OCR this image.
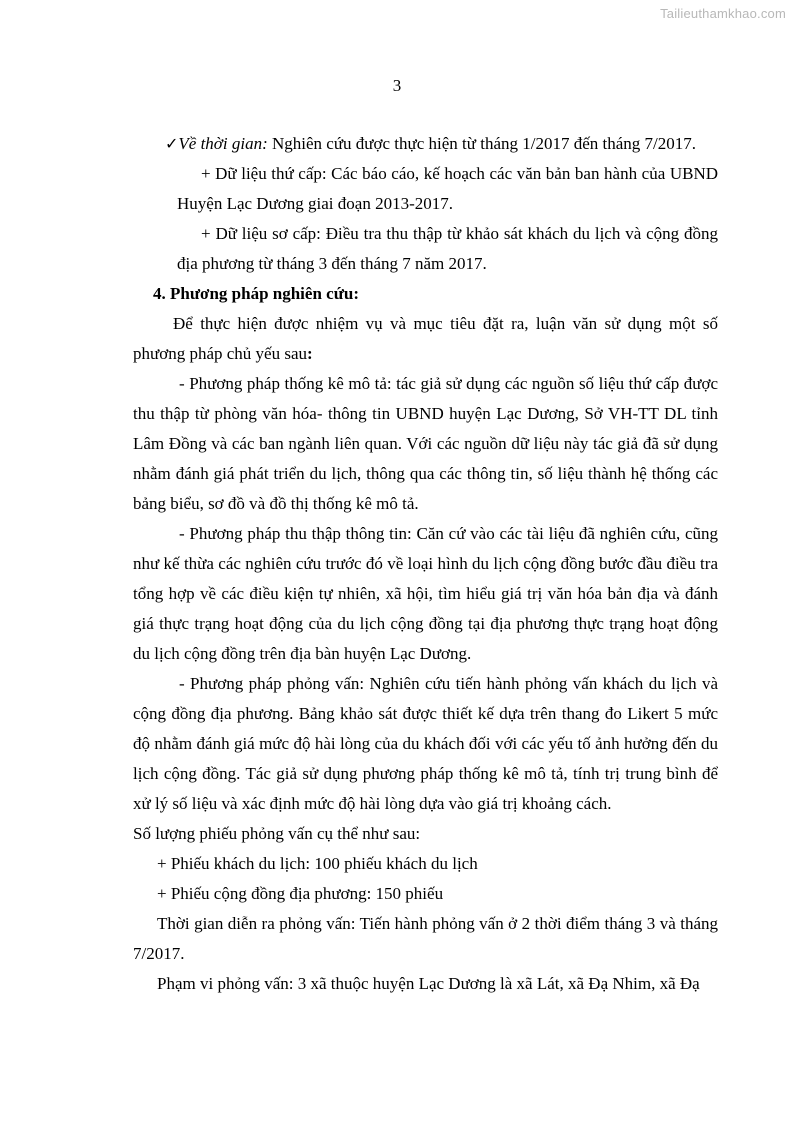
Tailieuthamkhao.com
3

✓Về thời gian: Nghiên cứu được thực hiện từ tháng 1/2017 đến tháng 7/2017.

+ Dữ liệu thứ cấp: Các báo cáo, kế hoạch các văn bản ban hành của UBND Huyện Lạc Dương giai đoạn 2013-2017.

+ Dữ liệu sơ cấp: Điều tra thu thập từ khảo sát khách du lịch và cộng đồng địa phương từ tháng 3 đến tháng 7 năm 2017.

4. Phương pháp nghiên cứu:

Để thực hiện được nhiệm vụ và mục tiêu đặt ra, luận văn sử dụng một số phương pháp chủ yếu sau:

- Phương pháp thống kê mô tả: tác giả sử dụng các nguồn số liệu thứ cấp được thu thập từ phòng văn hóa- thông tin UBND huyện Lạc Dương, Sở VH-TT DL tỉnh Lâm Đồng và các ban ngành liên quan. Với các nguồn dữ liệu này tác giả đã sử dụng nhằm đánh giá phát triển du lịch, thông qua các thông tin, số liệu thành hệ thống các bảng biểu, sơ đồ và đồ thị thống kê mô tả.

- Phương pháp thu thập thông tin: Căn cứ vào các tài liệu đã nghiên cứu, cũng như kế thừa các nghiên cứu trước đó về loại hình du lịch cộng đồng bước đầu điều tra tổng hợp về các điều kiện tự nhiên, xã hội, tìm hiểu giá trị văn hóa bản địa và đánh giá thực trạng hoạt động của du lịch cộng đồng tại địa phương thực trạng hoạt động du lịch cộng đồng trên địa bàn huyện Lạc Dương.

- Phương pháp phỏng vấn: Nghiên cứu tiến hành phỏng vấn khách du lịch và cộng đồng địa phương. Bảng khảo sát được thiết kế dựa trên thang đo Likert 5 mức độ nhằm đánh giá mức độ hài lòng của du khách đối với các yếu tố ảnh hưởng đến du lịch cộng đồng. Tác giả sử dụng phương pháp thống kê mô tả, tính trị trung bình để xử lý số liệu và xác định mức độ hài lòng dựa vào giá trị khoảng cách.

Số lượng phiếu phỏng vấn cụ thể như sau:

+ Phiếu khách du lịch: 100 phiếu khách du lịch

+ Phiếu cộng đồng địa phương: 150 phiếu

Thời gian diễn ra phỏng vấn: Tiến hành phỏng vấn ở 2 thời điểm tháng 3 và tháng 7/2017.

Phạm vi phỏng vấn: 3 xã thuộc huyện Lạc Dương là xã Lát, xã Đạ Nhim, xã Đạ
